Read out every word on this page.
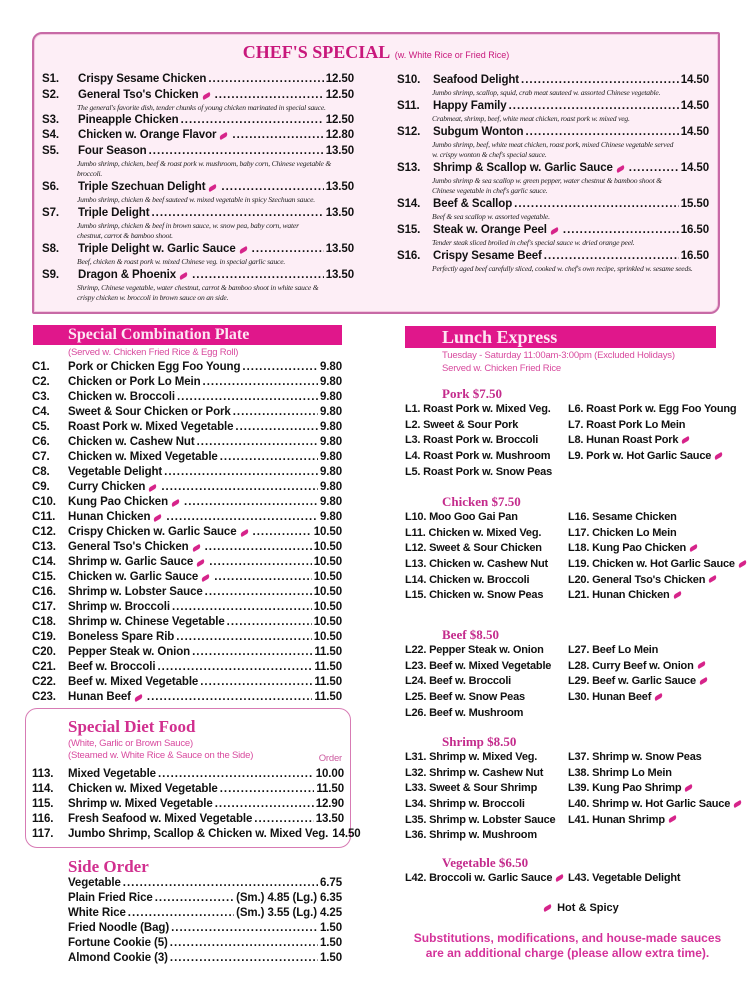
CHEF'S SPECIAL (w. White Rice or Fried Rice)
S1.	Crispy Sesame Chicken .....	12.50
S2.	General Tso's Chicken .....	12.50
The general's favorite dish, tender chunks of young chicken marinated in special sauce.
S3.	Pineapple Chicken .....	12.50
S4.	Chicken w. Orange Flavor .....	12.80
S5.	Four Season .....	13.50
Jumbo shrimp, chicken, beef & roast pork w. mushroom, baby corn, Chinese vegetable & broccoli.
S6.	Triple Szechuan Delight .....	13.50
Jumbo shrimp, chicken & beef sauteed w. mixed vegetable in spicy Szechuan sauce.
S7.	Triple Delight .....	13.50
Jumbo shrimp, chicken & beef in brown sauce, w. snow pea, baby corn, water
chestnut, carrot & bamboo shoot.
S8.	Triple Delight w. Garlic Sauce .....	13.50
Beef, chicken & roast pork w. mixed Chinese veg. in special garlic sauce.
S9.	Dragon & Phoenix .....	13.50
Shrimp, Chinese vegetable, water chestnut, carrot & bamboo shoot in white sauce &
crispy chicken w. broccoli in brown sauce on an side.
S10.	Seafood Delight .....	14.50
Jumbo shrimp, scallop, squid, crab meat sauteed w. assorted Chinese vegetable.
S11.	Happy Family .....	14.50
Crabmeat, shrimp, beef, white meat chicken, roast pork w. mixed veg.
S12.	Subgum Wonton .....	14.50
Jumbo shrimp, beef, white meat chicken, roast pork, mixed Chinese vegetable served
w. crispy wonton & chef's special sauce.
S13.	Shrimp & Scallop w. Garlic Sauce .....	14.50
Jumbo shrimp & sea scallop w. green pepper, water chestnut & bamboo shoot &
Chinese vegetable in chef's garlic sauce.
S14.	Beef & Scallop .....	15.50
Beef & sea scallop w. assorted vegetable.
S15.	Steak w. Orange Peel .....	16.50
Tender steak sliced broiled in chef's special sauce w. dried orange peel.
S16.	Crispy Sesame Beef .....	16.50
Perfectly aged beef carefully sliced, cooked w. chef's own recipe, sprinkled w. sesame seeds.
Special Combination Plate
(Served w. Chicken Fried Rice & Egg Roll)
C1.	Pork or Chicken Egg Foo Young .....	9.80
C2.	Chicken or Pork Lo Mein .....	9.80
C3.	Chicken w. Broccoli .....	9.80
C4.	Sweet & Sour Chicken or Pork .....	9.80
C5.	Roast Pork w. Mixed Vegetable .....	9.80
C6.	Chicken w. Cashew Nut .....	9.80
C7.	Chicken w. Mixed Vegetable .....	9.80
C8.	Vegetable Delight .....	9.80
C9.	Curry Chicken .....	9.80
C10.	Kung Pao Chicken .....	9.80
C11.	Hunan Chicken .....	9.80
C12.	Crispy Chicken w. Garlic Sauce .....	10.50
C13.	General Tso's Chicken .....	10.50
C14.	Shrimp w. Garlic Sauce .....	10.50
C15.	Chicken w. Garlic Sauce .....	10.50
C16.	Shrimp w. Lobster Sauce .....	10.50
C17.	Shrimp w. Broccoli .....	10.50
C18.	Shrimp w. Chinese Vegetable .....	10.50
C19.	Boneless Spare Rib .....	10.50
C20.	Pepper Steak w. Onion .....	11.50
C21.	Beef w. Broccoli .....	11.50
C22.	Beef w. Mixed Vegetable .....	11.50
C23.	Hunan Beef .....	11.50
Special Diet Food
(White, Garlic or Brown Sauce)
(Steamed w. White Rice & Sauce on the Side)	Order
113.	Mixed Vegetable .....	10.00
114.	Chicken w. Mixed Vegetable .....	11.50
115.	Shrimp w. Mixed Vegetable .....	12.90
116.	Fresh Seafood w. Mixed Vegetable .....	13.50
117.	Jumbo Shrimp, Scallop & Chicken w. Mixed Veg. 14.50
Side Order
Vegetable .....	6.75
Plain Fried Rice .....	(Sm.) 4.85 (Lg.) 6.35
White Rice .....	(Sm.) 3.55 (Lg.) 4.25
Fried Noodle (Bag) .....	1.50
Fortune Cookie (5) .....	1.50
Almond Cookie (3) .....	1.50
Lunch Express
Tuesday - Saturday 11:00am-3:00pm (Excluded Holidays)
Served w. Chicken Fried Rice
Pork $7.50
L1. Roast Pork w. Mixed Veg.
L2. Sweet & Sour Pork
L3. Roast Pork w. Broccoli
L4. Roast Pork w. Mushroom
L5. Roast Pork w. Snow Peas
L6. Roast Pork w. Egg Foo Young
L7. Roast Pork Lo Mein
L8. Hunan Roast Pork
L9. Pork w. Hot Garlic Sauce
Chicken $7.50
L10. Moo Goo Gai Pan
L11. Chicken w. Mixed Veg.
L12. Sweet & Sour Chicken
L13. Chicken w. Cashew Nut
L14. Chicken w. Broccoli
L15. Chicken w. Snow Peas
L16. Sesame Chicken
L17. Chicken Lo Mein
L18. Kung Pao Chicken
L19. Chicken w. Hot Garlic Sauce
L20. General Tso's Chicken
L21. Hunan Chicken
Beef $8.50
L22. Pepper Steak w. Onion
L23. Beef w. Mixed Vegetable
L24. Beef w. Broccoli
L25. Beef w. Snow Peas
L26. Beef w. Mushroom
L27. Beef Lo Mein
L28. Curry Beef w. Onion
L29. Beef w. Garlic Sauce
L30. Hunan Beef
Shrimp $8.50
L31. Shrimp w. Mixed Veg.
L32. Shrimp w. Cashew Nut
L33. Sweet & Sour Shrimp
L34. Shrimp w. Broccoli
L35. Shrimp w. Lobster Sauce
L36. Shrimp w. Mushroom
L37. Shrimp w. Snow Peas
L38. Shrimp Lo Mein
L39. Kung Pao Shrimp
L40. Shrimp w. Hot Garlic Sauce
L41. Hunan Shrimp
Vegetable $6.50
L42. Broccoli w. Garlic Sauce	L43. Vegetable Delight
Hot & Spicy
Substitutions, modifications, and house-made sauces
are an additional charge (please allow extra time).
